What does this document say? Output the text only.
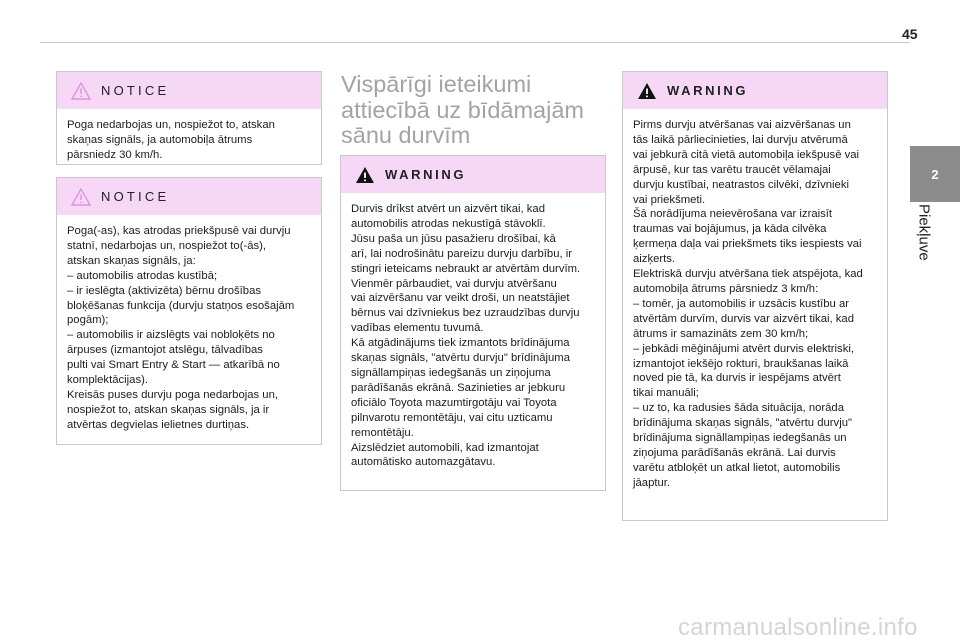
45
2
Piekļuve
NOTICE

Poga nedarbojas un, nospiežot to, atskan

skaņas signāls, ja automobiļa ātrums

pārsniedz 30 km/h.

NOTICE

Poga(-as), kas atrodas priekšpusē vai durvju

statnī, nedarbojas un, nospiežot to(-ās),

atskan skaņas signāls, ja:

– automobilis atrodas kustībā;

– ir ieslēgta (aktivizēta) bērnu drošības

bloķēšanas funkcija (durvju statņos esošajām

pogām);

– automobilis ir aizslēgts vai nobloķēts no

ārpuses (izmantojot atslēgu, tālvadības

pulti vai Smart Entry & Start — atkarībā no

komplektācijas).

Kreisās puses durvju poga nedarbojas un,

nospiežot to, atskan skaņas signāls, ja ir

atvērtas degvielas ielietnes durtiņas.

Vispārīgi ieteikumi
attiecībā uz bīdāmajām
sānu durvīm
WARNING

Durvis drīkst atvērt un aizvērt tikai, kad

automobilis atrodas nekustīgā stāvoklī.

Jūsu paša un jūsu pasažieru drošībai, kā

arī, lai nodrošinātu pareizu durvju darbību, ir

stingri ieteicams nebraukt ar atvērtām durvīm.

Vienmēr pārbaudiet, vai durvju atvēršanu

vai aizvēršanu var veikt droši, un neatstājiet

bērnus vai dzīvniekus bez uzraudzības durvju

vadības elementu tuvumā.

Kā atgādinājums tiek izmantots brīdinājuma

skaņas signāls, "atvērtu durvju" brīdinājuma

signāllampiņas iedegšanās un ziņojuma

parādīšanās ekrānā. Sazinieties ar jebkuru

oficiālo Toyota mazumtirgotāju vai Toyota

pilnvarotu remontētāju, vai citu uzticamu

remontētāju.

Aizslēdziet automobili, kad izmantojat

automātisko automazgātavu.

WARNING

Pirms durvju atvēršanas vai aizvēršanas un

tās laikā pārliecinieties, lai durvju atvērumā

vai jebkurā citā vietā automobiļa iekšpusē vai

ārpusē, kur tas varētu traucēt vēlamajai

durvju kustībai, neatrastos cilvēki, dzīvnieki

vai priekšmeti.

Šā norādījuma neievērošana var izraisīt

traumas vai bojājumus, ja kāda cilvēka

ķermeņa daļa vai priekšmets tiks iespiests vai

aizķerts.

Elektriskā durvju atvēršana tiek atspējota, kad

automobiļa ātrums pārsniedz 3 km/h:

– tomēr, ja automobilis ir uzsācis kustību ar

atvērtām durvīm, durvis var aizvērt tikai, kad

ātrums ir samazināts zem 30 km/h;

– jebkādi mēģinājumi atvērt durvis elektriski,

izmantojot iekšējo rokturi, braukšanas laikā

noved pie tā, ka durvis ir iespējams atvērt

tikai manuāli;

– uz to, ka radusies šāda situācija, norāda

brīdinājuma skaņas signāls, "atvērtu durvju"

brīdinājuma signāllampiņas iedegšanās un

ziņojuma parādīšanās ekrānā. Lai durvis

varētu atbloķēt un atkal lietot, automobilis

jāaptur.

carmanualsonline.info
